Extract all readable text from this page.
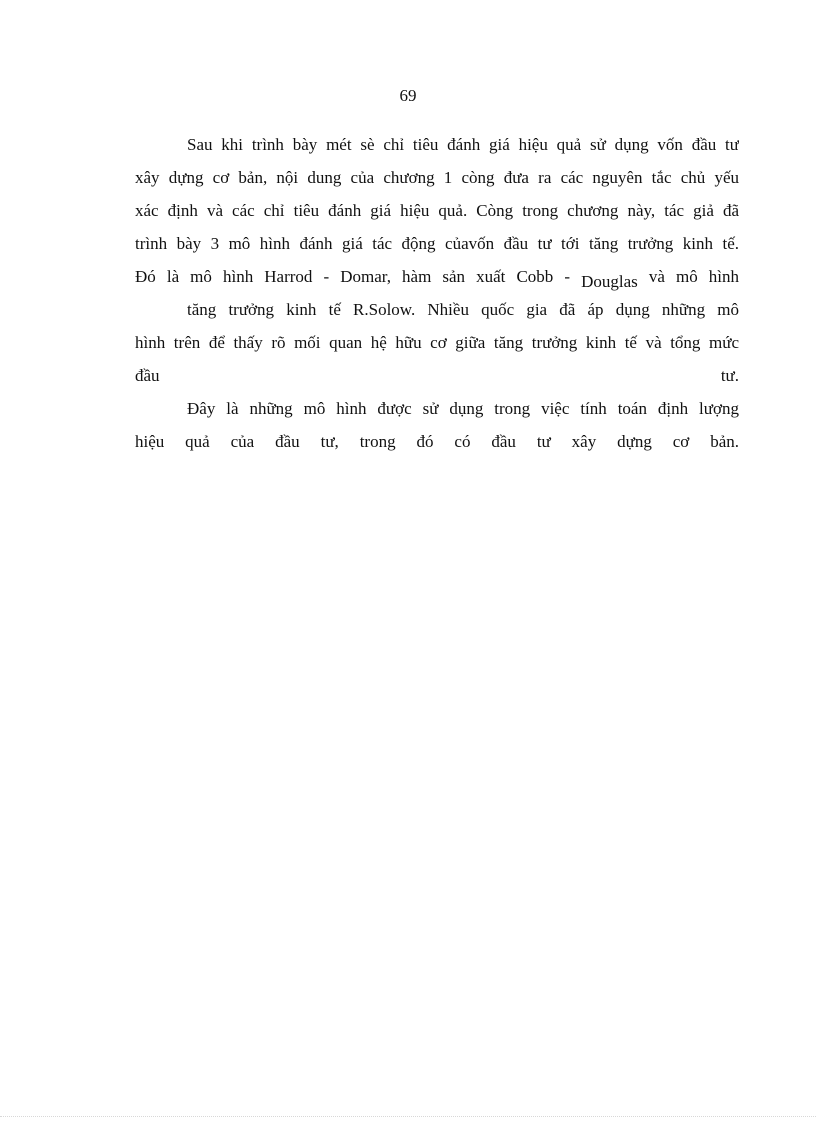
69
Sau khi trình bày mét sè chỉ tiêu đánh giá hiệu quả sử dụng vốn đầu tư
xây dựng cơ bản, nội dung của chương 1 còng đưa ra các nguyên tắc chủ yếu
xác định và các chỉ tiêu đánh giá hiệu quả. Còng trong chương này, tác giả đã
trình bày 3 mô hình đánh giá tác động củavốn đầu tư tới tăng trưởng kinh tế.
Đó là mô hình Harrod - Domar, hàm sản xuất Cobb - Douglas và mô hình
tăng trưởng kinh tế R.Solow. Nhiều quốc gia đã áp dụng những mô
hình trên để thấy rõ mối quan hệ hữu cơ giữa tăng trưởng kinh tế và tổng mức
đầu	tư.
Đây là những mô hình được sử dụng trong việc tính toán định lượng
hiệu quả của đầu tư, trong đó có đầu tư xây dựng cơ bản.
